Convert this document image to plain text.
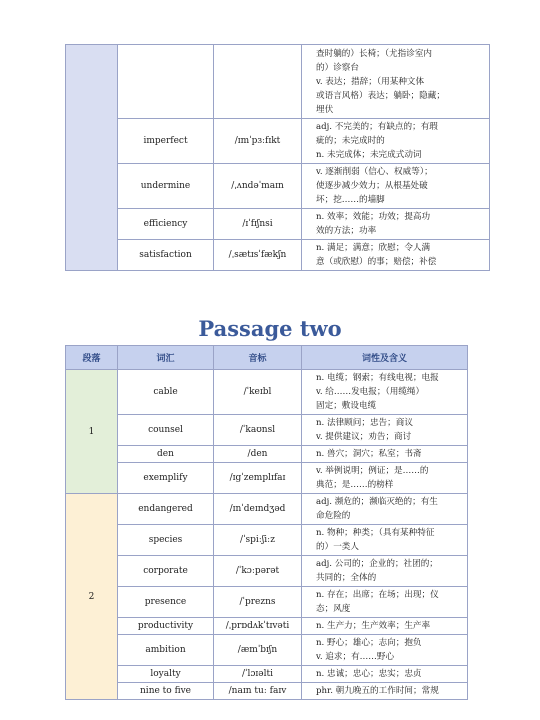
			查时躺的）长椅；（尤指诊室内
的）诊察台
v. 表达；措辞；（用某种文体
或语言风格）表达；躺卧；隐藏；
埋伏

	imperfect	/ɪmˈpɜːfɪkt	adj. 不完美的；有缺点的；有瑕
疵的；未完成时的
n. 未完成体；未完成式动词

	undermine	/ˌʌndəˈmaɪn	v. 逐渐削弱（信心、权威等）；
使逐步减少效力；从根基处破
坏；挖……的墙脚

	efficiency	/ɪˈfɪʃnsi	n. 效率；效能；功效；提高功
效的方法；功率

	satisfaction	/ˌsætɪsˈfækʃn	n. 满足；满意；欣慰；令人满
意（或欣慰）的事；赔偿；补偿
Passage two
段落	词汇	音标	词性及含义
1	cable	/ˈkeɪbl	n. 电缆；钢索；有线电视；电报
v. 给……发电报；（用缆绳）
固定；敷设电缆

	counsel	/ˈkaʊnsl	n. 法律顾问；忠告；商议
v. 提供建议；劝告；商讨

	den	/den	n. 兽穴；洞穴；私室；书斋

	exemplify	/ɪgˈzemplɪfaɪ	v. 举例说明；例证；是……的
典范；是……的榜样

2	endangered	/ɪnˈdeɪndʒəd	adj. 濒危的；濒临灭绝的；有生
命危险的

	species	/ˈspiːʃiːz	n. 物种；种类；（具有某种特征
的）一类人

	corporate	/ˈkɔːpərət	adj. 公司的；企业的；社团的；
共同的；全体的

	presence	/ˈprezns	n. 存在；出席；在场；出现；仪
态；风度

	productivity	/ˌprɒdʌkˈtɪvəti	n. 生产力；生产效率；生产率

	ambition	/æmˈbɪʃn	n. 野心；雄心；志向；抱负
v. 追求；有……野心

	loyalty	/ˈlɔɪəlti	n. 忠诚；忠心；忠实；忠贞

	nine to five	/naɪn tuː faɪv	phr. 朝九晚五的工作时间；常规
